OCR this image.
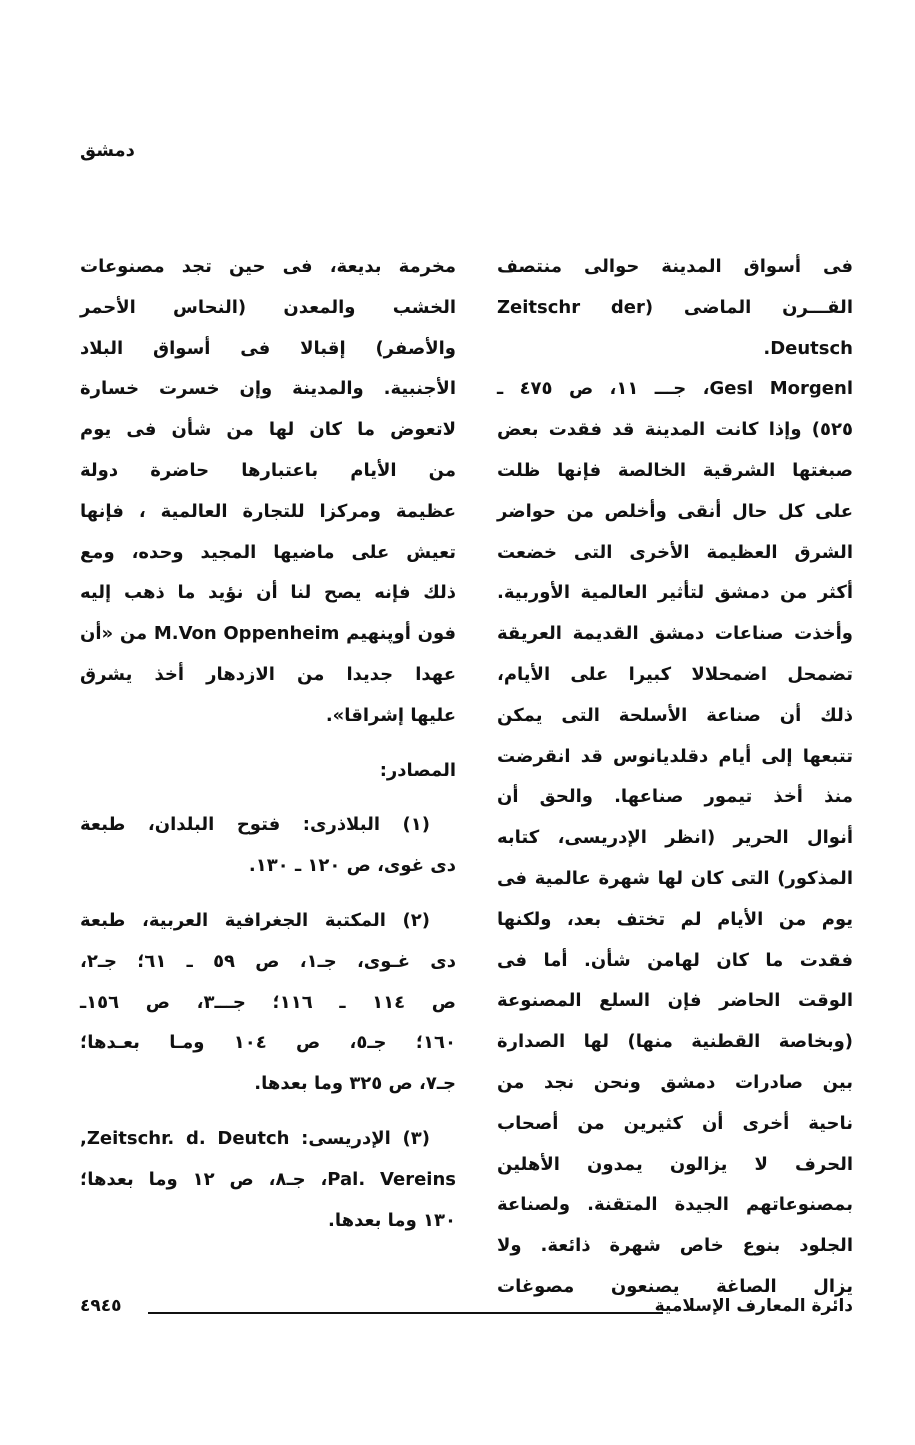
دمشق
فى أسواق المدينة حوالى منتصف
القـــرن الماضى (Zeitschr der Deutsch.
Gesl Morgenl، جـــ ١١، ص ٤٧٥ ـ
٥٢٥) وإذا كانت المدينة قد فقدت بعض
صبغتها الشرقية الخالصة فإنها ظلت
على كل حال أنقى وأخلص من حواضر
الشرق العظيمة الأخرى التى خضعت
أكثر من دمشق لتأثير العالمية الأوربية.
وأخذت صناعات دمشق القديمة العريقة
تضمحل اضمحلالا كبيرا على الأيام،
ذلك أن صناعة الأسلحة التى يمكن
تتبعها إلى أيام دقلديانوس قد انقرضت
منذ أخذ تيمور صناعها. والحق أن
أنوال الحرير (انظر الإدريسى، كتابه
المذكور) التى كان لها شهرة عالمية فى
يوم من الأيام لم تختف بعد، ولكنها
فقدت ما كان لهامن شأن. أما فى
الوقت الحاضر فإن السلع المصنوعة
(وبخاصة القطنية منها) لها الصدارة
بين صادرات دمشق ونحن نجد من
ناحية أخرى أن كثيرين من أصحاب
الحرف لا يزالون يمدون الأهلين
بمصنوعاتهم الجيدة المتقنة. ولصناعة
الجلود بنوع خاص شهرة ذائعة. ولا
يزال الصاغة يصنعون مصوغات
مخرمة بديعة، فى حين تجد مصنوعات
الخشب والمعدن (النحاس الأحمر
والأصفر) إقبالا فى أسواق البلاد
الأجنبية. والمدينة وإن خسرت خسارة
لاتعوض ما كان لها من شأن فى يوم
من الأيام باعتبارها حاضرة دولة
عظيمة ومركزا للتجارة العالمية ، فإنها
تعيش على ماضيها المجيد وحده، ومع
ذلك فإنه يصح لنا أن نؤيد ما ذهب إليه
فون أوپنهيم M.Von Oppenheim من «أن
عهدا جديدا من الازدهار أخذ يشرق
عليها إشراقا».
المصادر:
(١) البلاذرى: فتوح البلدان، طبعة
دى غوى، ص ١٢٠ ـ ١٣٠.
(٢) المكتبة الجغرافية العربية، طبعة
دى غـوى، جـ١، ص ٥٩ ـ ٦١؛ جـ٢،
ص ١١٤ ـ ١١٦؛ جـــ٣، ص ١٥٦ـ
١٦٠؛ جـ٥، ص ١٠٤ ومـا بعـدها؛
جـ٧، ص ٣٢٥ وما بعدها.
(٣) الإدريسى: Zeitschr. d. Deutch,
Pal. Vereins، جـ٨، ص ١٢ وما بعدها؛
١٣٠ وما بعدها.
دائرة المعارف الإسلامية
٤٩٤٥
